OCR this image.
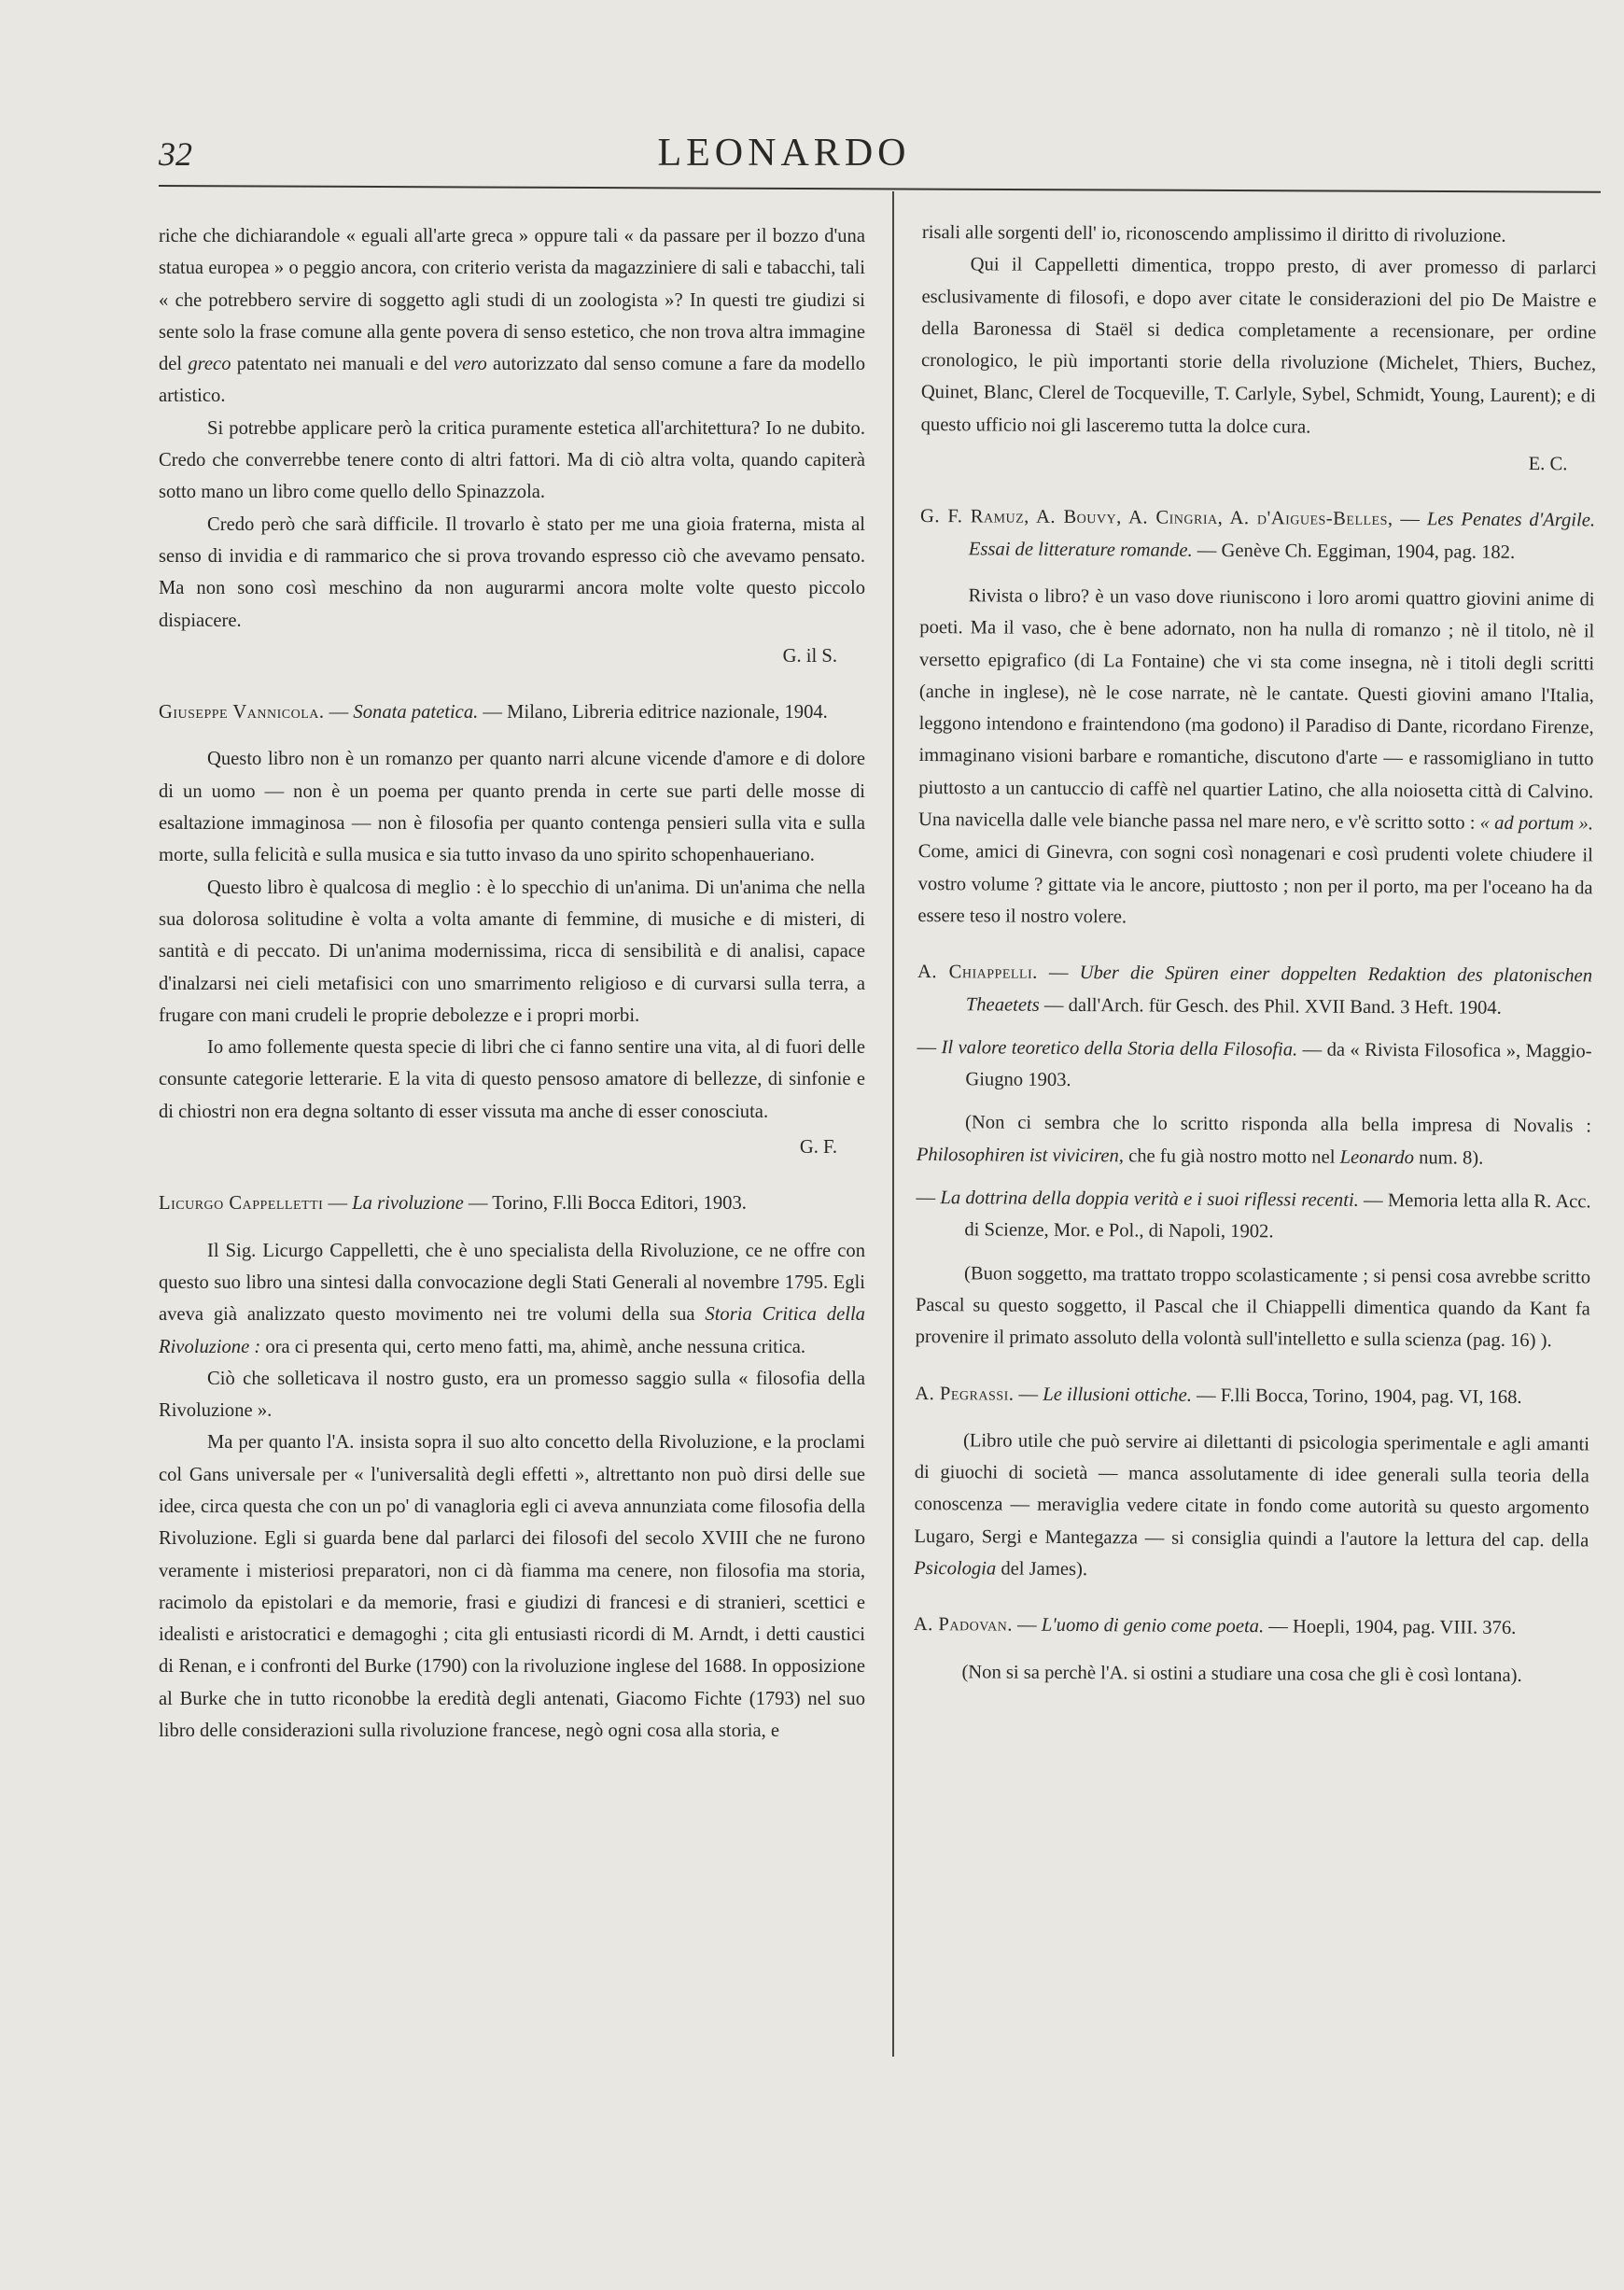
32	LEONARDO

riche che dichiarandole « eguali all'arte greca » oppure tali « da passare per il bozzo d'una statua europea » o peggio ancora, con criterio verista da magazziniere di sali e tabacchi, tali « che potrebbero servire di soggetto agli studi di un zoologista »? In questi tre giudizi si sente solo la frase comune alla gente povera di senso estetico, che non trova altra immagine del greco patentato nei manuali e del vero autorizzato dal senso comune a fare da modello artistico.

Si potrebbe applicare però la critica puramente estetica all'architettura? Io ne dubito. Credo che converrebbe tenere conto di altri fattori. Ma di ciò altra volta, quando capiterà sotto mano un libro come quello dello Spinazzola.

Credo però che sarà difficile. Il trovarlo è stato per me una gioia fraterna, mista al senso di invidia e di rammarico che si prova trovando espresso ciò che avevamo pensato. Ma non sono così meschino da non augurarmi ancora molte volte questo piccolo dispiacere.

G. il S.

Giuseppe Vannicola. — Sonata patetica. — Milano, Libreria editrice nazionale, 1904.

Questo libro non è un romanzo per quanto narri alcune vicende d'amore e di dolore di un uomo — non è un poema per quanto prenda in certe sue parti delle mosse di esaltazione immaginosa — non è filosofia per quanto contenga pensieri sulla vita e sulla morte, sulla felicità e sulla musica e sia tutto invaso da uno spirito schopenhaueriano.

Questo libro è qualcosa di meglio : è lo specchio di un'anima. Di un'anima che nella sua dolorosa solitudine è volta a volta amante di femmine, di musiche e di misteri, di santità e di peccato. Di un'anima modernissima, ricca di sensibilità e di analisi, capace d'inalzarsi nei cieli metafisici con uno smarrimento religioso e di curvarsi sulla terra, a frugare con mani crudeli le proprie debolezze e i propri morbi.

Io amo follemente questa specie di libri che ci fanno sentire una vita, al di fuori delle consunte categorie letterarie. E la vita di questo pensoso amatore di bellezze, di sinfonie e di chiostri non era degna soltanto di esser vissuta ma anche di esser conosciuta.

G. F.

Licurgo Cappelletti — La rivoluzione — Torino, F.lli Bocca Editori, 1903.

Il Sig. Licurgo Cappelletti, che è uno specialista della Rivoluzione, ce ne offre con questo suo libro una sintesi dalla convocazione degli Stati Generali al novembre 1795. Egli aveva già analizzato questo movimento nei tre volumi della sua Storia Critica della Rivoluzione : ora ci presenta qui, certo meno fatti, ma, ahimè, anche nessuna critica.

Ciò che solleticava il nostro gusto, era un promesso saggio sulla « filosofia della Rivoluzione ».

Ma per quanto l'A. insista sopra il suo alto concetto della Rivoluzione, e la proclami col Gans universale per « l'universalità degli effetti », altrettanto non può dirsi delle sue idee, circa questa che con un po' di vanagloria egli ci aveva annunziata come filosofia della Rivoluzione. Egli si guarda bene dal parlarci dei filosofi del secolo XVIII che ne furono veramente i misteriosi preparatori, non ci dà fiamma ma cenere, non filosofia ma storia, racimolo da epistolari e da memorie, frasi e giudizi di francesi e di stranieri, scettici e idealisti e aristocratici e demagoghi ; cita gli entusiasti ricordi di M. Arndt, i detti caustici di Renan, e i confronti del Burke (1790) con la rivoluzione inglese del 1688. In opposizione al Burke che in tutto riconobbe la eredità degli antenati, Giacomo Fichte (1793) nel suo libro delle considerazioni sulla rivoluzione francese, negò ogni cosa alla storia, e

risali alle sorgenti dell' io, riconoscendo amplissimo il diritto di rivoluzione.

Qui il Cappelletti dimentica, troppo presto, di aver promesso di parlarci esclusivamente di filosofi, e dopo aver citate le considerazioni del pio De Maistre e della Baronessa di Staël si dedica completamente a recensionare, per ordine cronologico, le più importanti storie della rivoluzione (Michelet, Thiers, Buchez, Quinet, Blanc, Clerel de Tocqueville, T. Carlyle, Sybel, Schmidt, Young, Laurent); e di questo ufficio noi gli lasceremo tutta la dolce cura.

E. C.

G. F. Ramuz, A. Bouvy, A. Cingria, A. d'Aigues-Belles, — Les Penates d'Argile. Essai de litterature romande. — Genève Ch. Eggiman, 1904, pag. 182.

Rivista o libro? è un vaso dove riuniscono i loro aromi quattro giovini anime di poeti. Ma il vaso, che è bene adornato, non ha nulla di romanzo ; nè il titolo, nè il versetto epigrafico (di La Fontaine) che vi sta come insegna, nè i titoli degli scritti (anche in inglese), nè le cose narrate, nè le cantate. Questi giovini amano l'Italia, leggono intendono e fraintendono (ma godono) il Paradiso di Dante, ricordano Firenze, immaginano visioni barbare e romantiche, discutono d'arte — e rassomigliano in tutto piuttosto a un cantuccio di caffè nel quartier Latino, che alla noiosetta città di Calvino. Una navicella dalle vele bianche passa nel mare nero, e v'è scritto sotto : « ad portum ». Come, amici di Ginevra, con sogni così nonagenari e così prudenti volete chiudere il vostro volume ? gittate via le ancore, piuttosto ; non per il porto, ma per l'oceano ha da essere teso il nostro volere.

A. Chiappelli. — Uber die Spüren einer doppelten Redaktion des platonischen Theaetets — dall'Arch. für Gesch. des Phil. XVII Band. 3 Heft. 1904.

— Il valore teoretico della Storia della Filosofia. — da « Rivista Filosofica », Maggio-Giugno 1903.

(Non ci sembra che lo scritto risponda alla bella impresa di Novalis : Philosophiren ist viviciren, che fu già nostro motto nel Leonardo num. 8).

— La dottrina della doppia verità e i suoi riflessi recenti. — Memoria letta alla R. Acc. di Scienze, Mor. e Pol., di Napoli, 1902.

(Buon soggetto, ma trattato troppo scolasticamente ; si pensi cosa avrebbe scritto Pascal su questo soggetto, il Pascal che il Chiappelli dimentica quando da Kant fa provenire il primato assoluto della volontà sull'intelletto e sulla scienza (pag. 16) ).

A. Pegrassi. — Le illusioni ottiche. — F.lli Bocca, Torino, 1904, pag. VI, 168.

(Libro utile che può servire ai dilettanti di psicologia sperimentale e agli amanti di giuochi di società — manca assolutamente di idee generali sulla teoria della conoscenza — meraviglia vedere citate in fondo come autorità su questo argomento Lugaro, Sergi e Mantegazza — si consiglia quindi a l'autore la lettura del cap. della Psicologia del James).

A. Padovan. — L'uomo di genio come poeta. — Hoepli, 1904, pag. VIII. 376.

(Non si sa perchè l'A. si ostini a studiare una cosa che gli è così lontana).
